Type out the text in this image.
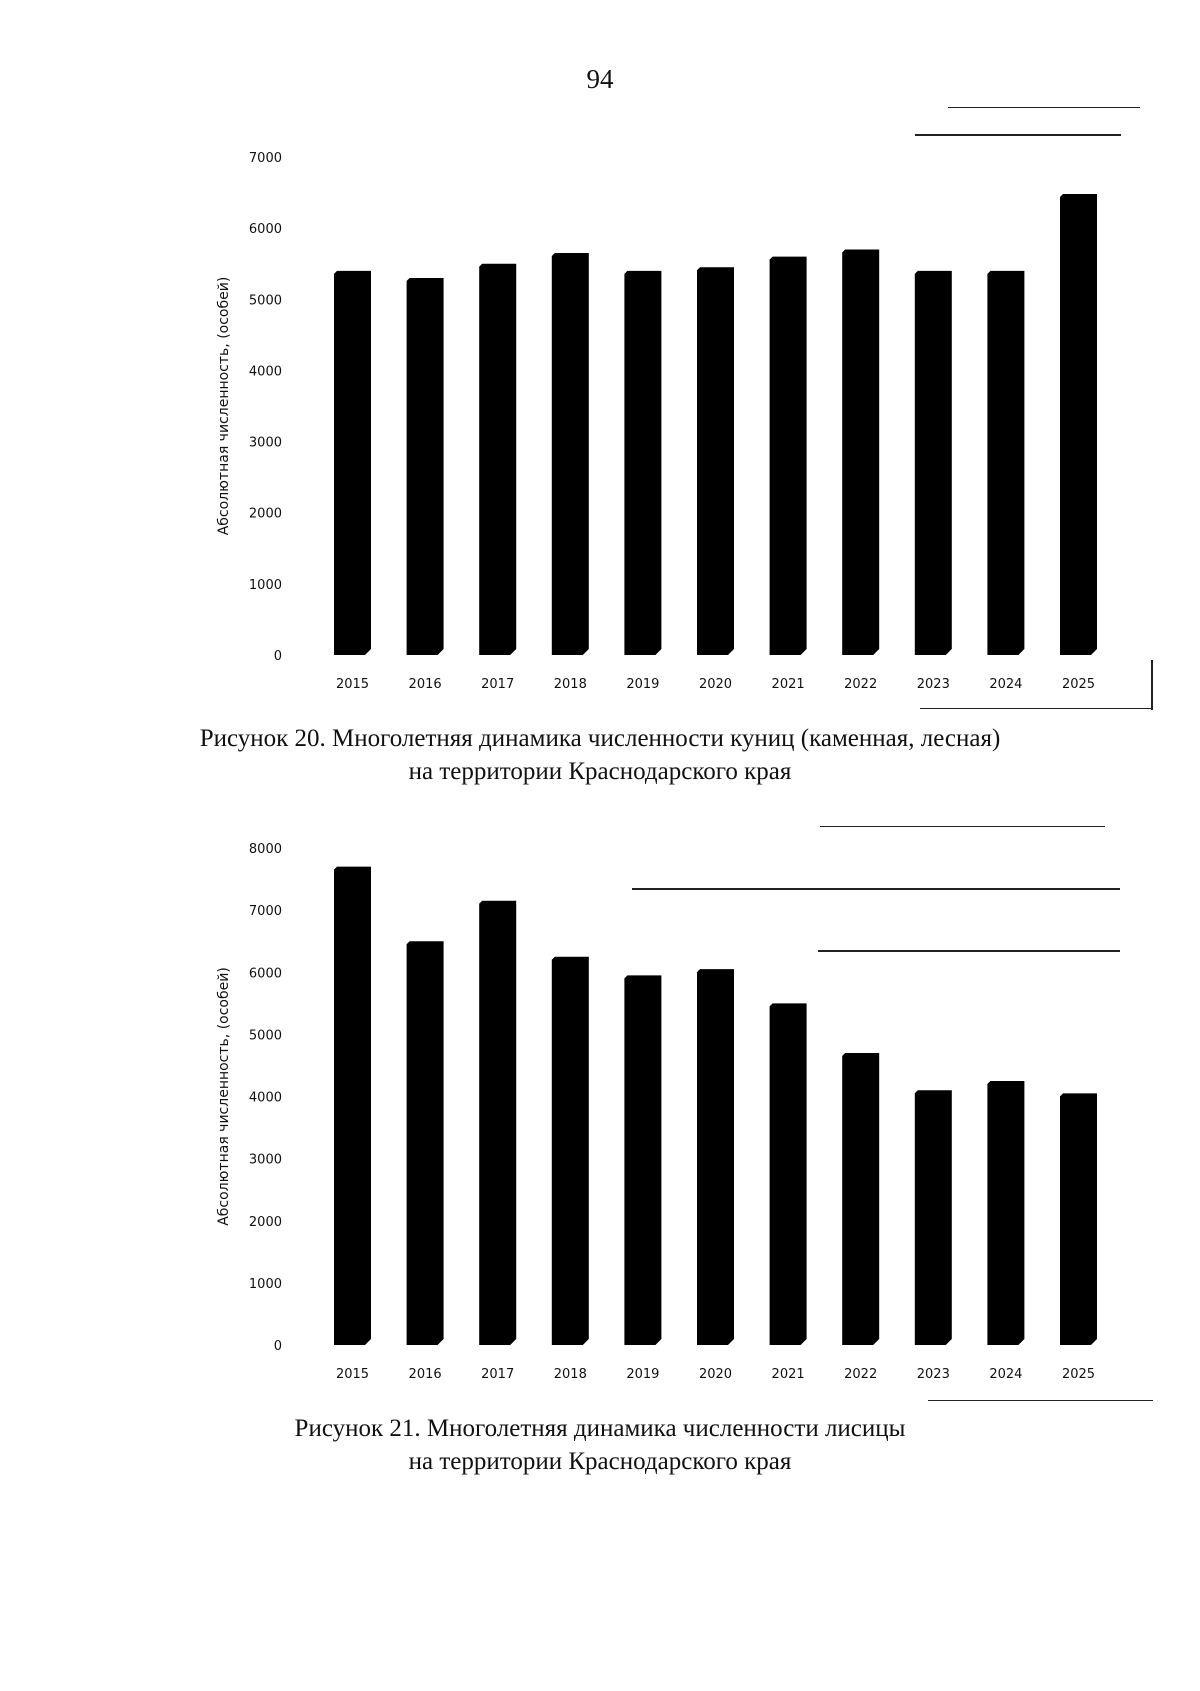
94
0
1000
2000
3000
4000
5000
6000
7000
Абсолютная численность, (особей)
2015	2016	2017	2018	2019	2020	2021	2022	2023	2024	2025
Рисунок 20. Многолетняя динамика численности куниц (каменная, лесная)
на территории Краснодарского края
0
1000
2000
3000
4000
5000
6000
7000
8000
Абсолютная численность, (особей)
2015	2016	2017	2018	2019	2020	2021	2022	2023	2024	2025
Рисунок 21. Многолетняя динамика численности лисицы
на территории Краснодарского края
